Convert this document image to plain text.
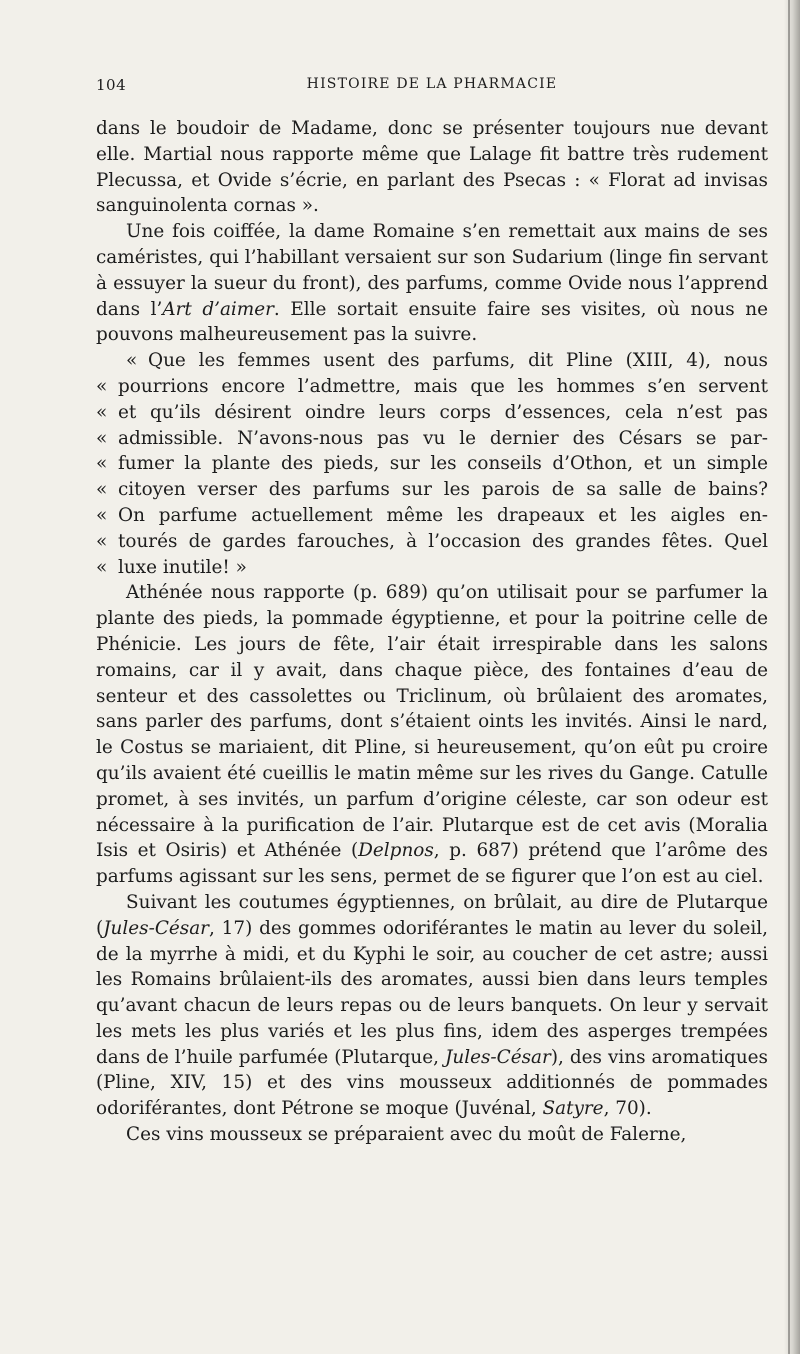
104	HISTOIRE DE LA PHARMACIE

dans le boudoir de Madame, donc se présenter toujours nue devant elle. Martial nous rapporte même que Lalage fit battre très rudement Plecussa, et Ovide s’écrie, en parlant des Psecas : « Florat ad invisas sanguinolenta cornas ».

Une fois coiffée, la dame Romaine s’en remettait aux mains de ses caméristes, qui l’habillant versaient sur son Sudarium (linge fin servant à essuyer la sueur du front), des parfums, comme Ovide nous l’apprend dans l’Art d’aimer. Elle sortait ensuite faire ses visites, où nous ne pouvons malheureusement pas la suivre.

« Que les femmes usent des parfums, dit Pline (XIII, 4), nous
« pourrions encore l’admettre, mais que les hommes s’en servent
« et qu’ils désirent oindre leurs corps d’essences, cela n’est pas
« admissible. N’avons-nous pas vu le dernier des Césars se par-
« fumer la plante des pieds, sur les conseils d’Othon, et un simple
« citoyen verser des parfums sur les parois de sa salle de bains?
« On parfume actuellement même les drapeaux et les aigles en-
« tourés de gardes farouches, à l’occasion des grandes fêtes. Quel
« luxe inutile! »

Athénée nous rapporte (p. 689) qu’on utilisait pour se parfumer la plante des pieds, la pommade égyptienne, et pour la poitrine celle de Phénicie. Les jours de fête, l’air était irrespirable dans les salons romains, car il y avait, dans chaque pièce, des fontaines d’eau de senteur et des cassolettes ou Triclinum, où brûlaient des aromates, sans parler des parfums, dont s’étaient oints les invités. Ainsi le nard, le Costus se mariaient, dit Pline, si heureusement, qu’on eût pu croire qu’ils avaient été cueillis le matin même sur les rives du Gange. Catulle promet, à ses invités, un parfum d’origine céleste, car son odeur est nécessaire à la purification de l’air. Plutarque est de cet avis (Moralia Isis et Osiris) et Athénée (Delpnos, p. 687) prétend que l’arôme des parfums agissant sur les sens, permet de se figurer que l’on est au ciel.

Suivant les coutumes égyptiennes, on brûlait, au dire de Plutarque (Jules-César, 17) des gommes odoriférantes le matin au lever du soleil, de la myrrhe à midi, et du Kyphi le soir, au coucher de cet astre; aussi les Romains brûlaient-ils des aromates, aussi bien dans leurs temples qu’avant chacun de leurs repas ou de leurs banquets. On leur y servait les mets les plus variés et les plus fins, idem des asperges trempées dans de l’huile parfumée (Plutarque, Jules-César), des vins aromatiques (Pline, XIV, 15) et des vins mousseux additionnés de pommades odoriférantes, dont Pétrone se moque (Juvénal, Satyre, 70).

Ces vins mousseux se préparaient avec du moût de Falerne,
